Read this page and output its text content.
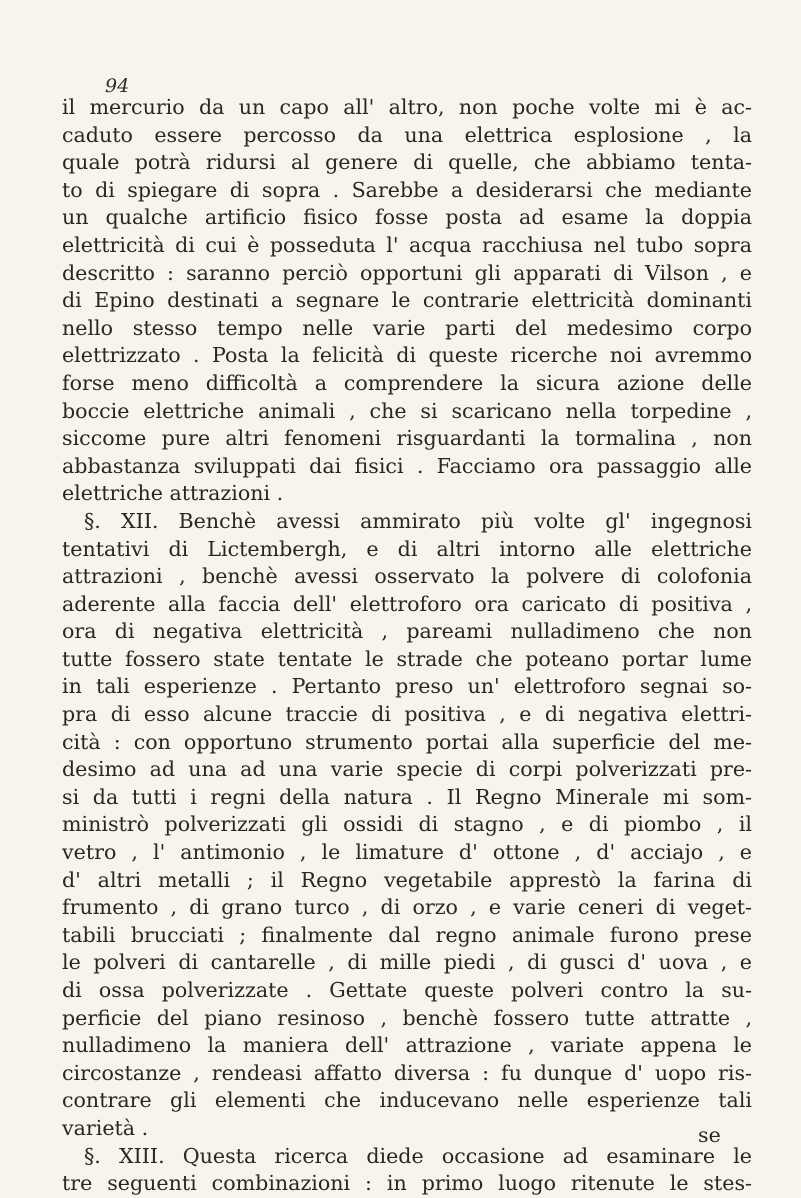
94
il mercurio da un capo all' altro, non poche volte mi è ac-
caduto essere percosso da una elettrica esplosione , la
quale potrà ridursi al genere di quelle, che abbiamo tenta-
to di spiegare di sopra . Sarebbe a desiderarsi che mediante
un qualche artificio fisico fosse posta ad esame la doppia
elettricità di cui è posseduta l' acqua racchiusa nel tubo sopra
descritto : saranno perciò opportuni gli apparati di Vilson , e
di Epino destinati a segnare le contrarie elettricità dominanti
nello stesso tempo nelle varie parti del medesimo corpo
elettrizzato . Posta la felicità di queste ricerche noi avremmo
forse meno difficoltà a comprendere la sicura azione delle
boccie elettriche animali , che si scaricano nella torpedine ,
siccome pure altri fenomeni risguardanti la tormalina , non
abbastanza sviluppati dai fisici . Facciamo ora passaggio alle
elettriche attrazioni .
§. XII. Benchè avessi ammirato più volte gl' ingegnosi
tentativi di Lictembergh, e di altri intorno alle elettriche
attrazioni , benchè avessi osservato la polvere di colofonia
aderente alla faccia dell' elettroforo ora caricato di positiva ,
ora di negativa elettricità , pareami nulladimeno che non
tutte fossero state tentate le strade che poteano portar lume
in tali esperienze . Pertanto preso un' elettroforo segnai so-
pra di esso alcune traccie di positiva , e di negativa elettri-
cità : con opportuno strumento portai alla superficie del me-
desimo ad una ad una varie specie di corpi polverizzati pre-
si da tutti i regni della natura . Il Regno Minerale mi som-
ministrò polverizzati gli ossidi di stagno , e di piombo , il
vetro , l' antimonio , le limature d' ottone , d' acciajo , e
d' altri metalli ; il Regno vegetabile apprestò la farina di
frumento , di grano turco , di orzo , e varie ceneri di veget-
tabili brucciati ; finalmente dal regno animale furono prese
le polveri di cantarelle , di mille piedi , di gusci d' uova , e
di ossa polverizzate . Gettate queste polveri contro la su-
perficie del piano resinoso , benchè fossero tutte attratte ,
nulladimeno la maniera dell' attrazione , variate appena le
circostanze , rendeasi affatto diversa : fu dunque d' uopo ris-
contrare gli elementi che inducevano nelle esperienze tali
varietà .
§. XIII. Questa ricerca diede occasione ad esaminare le
tre seguenti combinazioni : in primo luogo ritenute le stes-
se
